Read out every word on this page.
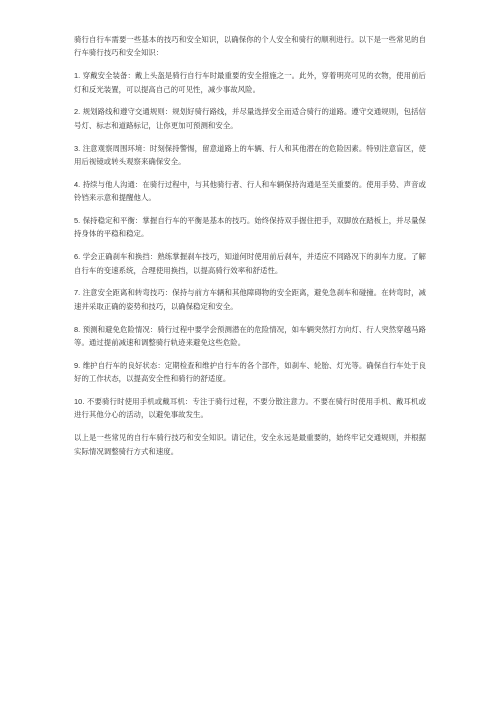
骑行自行车需要一些基本的技巧和安全知识，以确保你的个人安全和骑行的顺利进行。以下是一些常见的自行车骑行技巧和安全知识：

1. 穿戴安全装备：戴上头盔是骑行自行车时最重要的安全措施之一。此外，穿着明亮可见的衣物，使用前后灯和反光装置，可以提高自己的可见性，减少事故风险。

2. 规划路线和遵守交通规则：规划好骑行路线，并尽量选择安全而适合骑行的道路。遵守交通规则，包括信号灯、标志和道路标记，让你更加可预测和安全。

3. 注意观察周围环境：时刻保持警惕，留意道路上的车辆、行人和其他潜在的危险因素。特别注意盲区，使用后视镜或转头观察来确保安全。

4. 持续与他人沟通：在骑行过程中，与其他骑行者、行人和车辆保持沟通是至关重要的。使用手势、声音或铃铛来示意和提醒他人。

5. 保持稳定和平衡：掌握自行车的平衡是基本的技巧。始终保持双手握住把手，双脚放在踏板上，并尽量保持身体的平稳和稳定。

6. 学会正确刹车和换挡：熟练掌握刹车技巧，知道何时使用前后刹车，并适应不同路况下的刹车力度。了解自行车的变速系统，合理使用换挡，以提高骑行效率和舒适性。

7. 注意安全距离和转弯技巧：保持与前方车辆和其他障碍物的安全距离，避免急刹车和碰撞。在转弯时，减速并采取正确的姿势和技巧，以确保稳定和安全。

8. 预测和避免危险情况：骑行过程中要学会预测潜在的危险情况，如车辆突然打方向灯、行人突然穿越马路等。通过提前减速和调整骑行轨迹来避免这些危险。

9. 维护自行车的良好状态：定期检查和维护自行车的各个部件，如刹车、轮胎、灯光等。确保自行车处于良好的工作状态，以提高安全性和骑行的舒适度。

10. 不要骑行时使用手机或戴耳机：专注于骑行过程，不要分散注意力。不要在骑行时使用手机、戴耳机或进行其他分心的活动，以避免事故发生。

以上是一些常见的自行车骑行技巧和安全知识。请记住，安全永远是最重要的，始终牢记交通规则，并根据实际情况调整骑行方式和速度。
